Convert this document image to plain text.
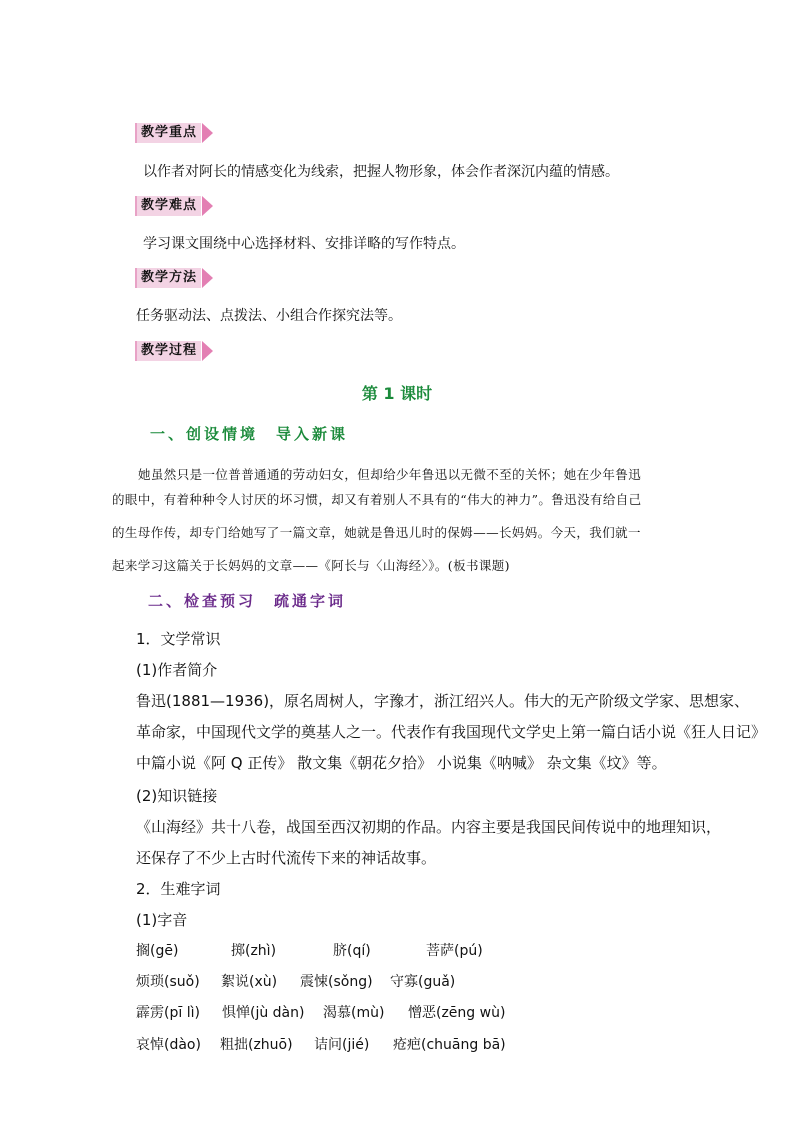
教学重点
以作者对阿长的情感变化为线索，把握人物形象，体会作者深沉内蕴的情感。
教学难点
学习课文围绕中心选择材料、安排详略的写作特点。
教学方法
任务驱动法、点拨法、小组合作探究法等。
教学过程
第 1 课时
一、创设情境　导入新课
她虽然只是一位普普通通的劳动妇女，但却给少年鲁迅以无微不至的关怀；她在少年鲁迅
的眼中，有着种种令人讨厌的坏习惯，却又有着别人不具有的“伟大的神力”。鲁迅没有给自己
的生母作传，却专门给她写了一篇文章，她就是鲁迅儿时的保姆——长妈妈。今天，我们就一
起来学习这篇关于长妈妈的文章——《阿长与〈山海经〉》。(板书课题)
二、检查预习　疏通字词
1．文学常识
(1)作者简介
鲁迅(1881—1936)，原名周树人，字豫才，浙江绍兴人。伟大的无产阶级文学家、思想家、
革命家，中国现代文学的奠基人之一。代表作有我国现代文学史上第一篇白话小说《狂人日记》
中篇小说《阿 Q 正传》 散文集《朝花夕拾》 小说集《呐喊》 杂文集《坟》等。
(2)知识链接
《山海经》共十八卷，战国至西汉初期的作品。内容主要是我国民间传说中的地理知识，
还保存了不少上古时代流传下来的神话故事。
2．生难字词
(1)字音
搁(gē)	掷(zhì)	脐(qí)	菩萨(pú)
烦琐(suǒ) 絮说(xù) 震悚(sǒng) 守寡(guǎ)
霹雳(pī lì) 惧惮(jù dàn) 渴慕(mù) 憎恶(zēng wù)
哀悼(dào) 粗拙(zhuō) 诘问(jié) 疮疤(chuāng bā)
